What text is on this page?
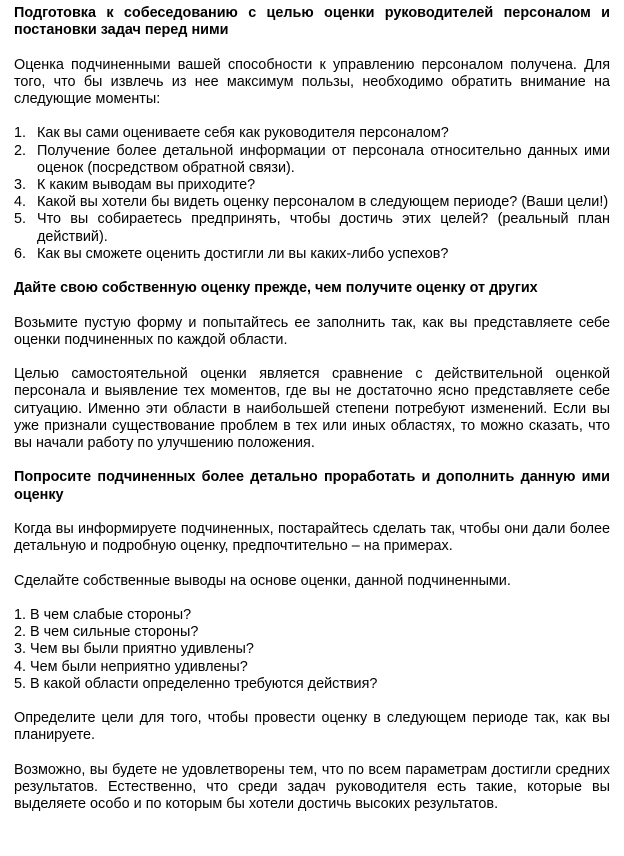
Подготовка к собеседованию с целью оценки руководителей персоналом и постановки задач перед ними

Оценка подчиненными вашей способности к управлению персоналом получена. Для того, что бы извлечь из нее максимум пользы, необходимо обратить внимание на следующие моменты:

1. Как вы сами оцениваете себя как руководителя персоналом?
2. Получение более детальной информации от персонала относительно данных ими оценок (посредством обратной связи).
3. К каким выводам вы приходите?
4. Какой вы хотели бы видеть оценку персоналом в следующем периоде? (Ваши цели!)
5. Что вы собираетесь предпринять, чтобы достичь этих целей? (реальный план действий).
6. Как вы сможете оценить достигли ли вы каких-либо успехов?
Дайте свою собственную оценку прежде, чем получите оценку от других

Возьмите пустую форму и попытайтесь ее заполнить так, как вы представляете себе оценки подчиненных по каждой области.

Целью самостоятельной оценки является сравнение с действительной оценкой персонала и выявление тех моментов, где вы не достаточно ясно представляете себе ситуацию. Именно эти области в наибольшей степени потребуют изменений. Если вы уже признали существование проблем в тех или иных областях, то можно сказать, что вы начали работу по улучшению положения.

Попросите подчиненных более детально проработать и дополнить данную ими оценку

Когда вы информируете подчиненных, постарайтесь сделать так, чтобы они дали более детальную и подробную оценку, предпочтительно – на примерах.

Сделайте собственные выводы на основе оценки, данной подчиненными.

1. В чем слабые стороны?
2. В чем сильные стороны?
3. Чем вы были приятно удивлены?
4. Чем были неприятно удивлены?
5. В какой области определенно требуются действия?

Определите цели для того, чтобы провести оценку в следующем периоде так, как вы планируете.

Возможно, вы будете не удовлетворены тем, что по всем параметрам достигли средних результатов. Естественно, что среди задач руководителя есть такие, которые вы выделяете особо и по которым бы хотели достичь высоких результатов.
